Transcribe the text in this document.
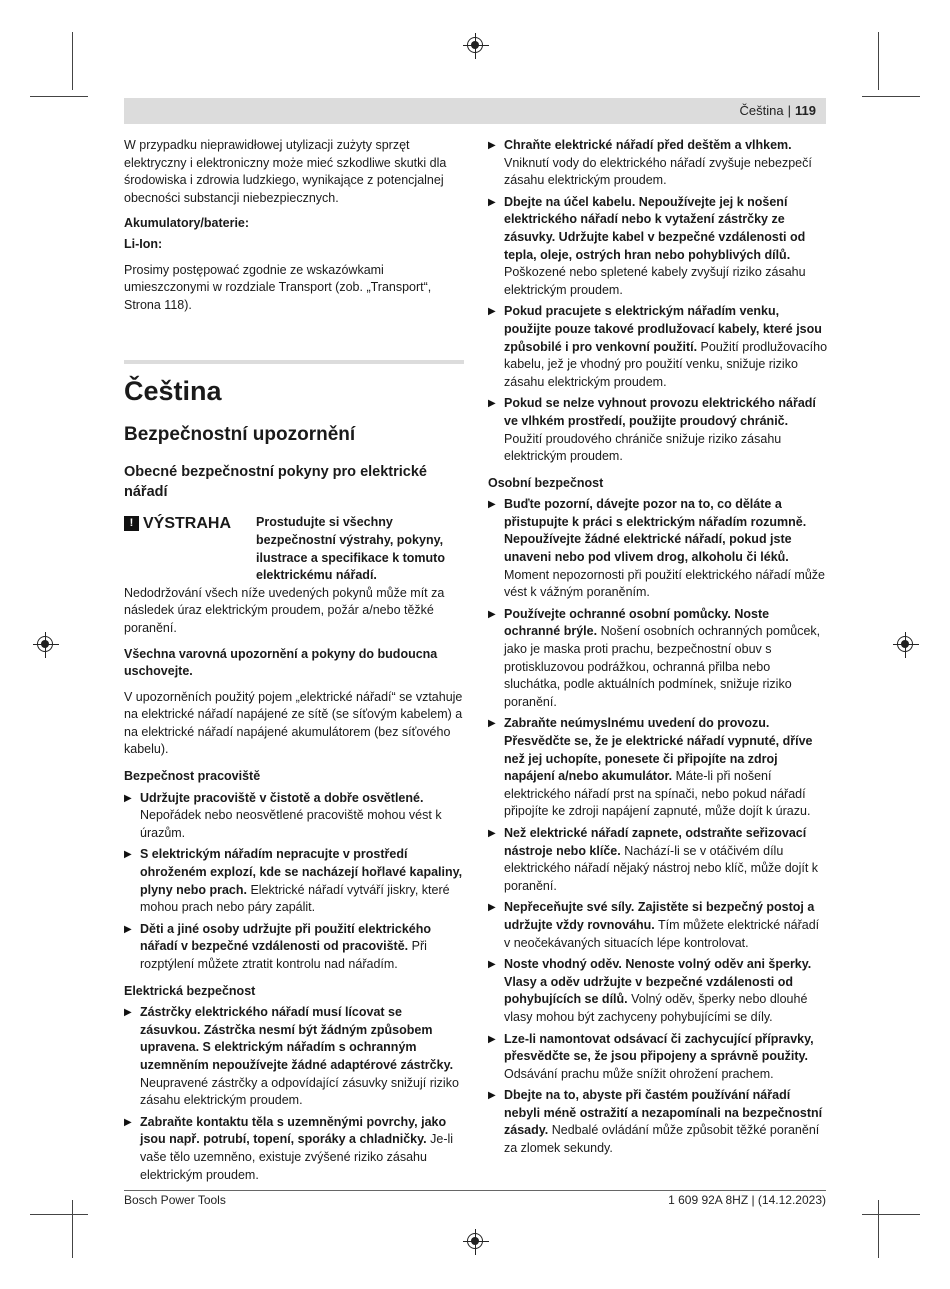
Čeština | 119

W przypadku nieprawidłowej utylizacji zużyty sprzęt elektryczny i elektroniczny może mieć szkodliwe skutki dla środowiska i zdrowia ludzkiego, wynikające z potencjalnej obecności substancji niebezpiecznych.

Akumulatory/baterie:

Li-Ion:

Prosimy postępować zgodnie ze wskazówkami umieszczonymi w rozdziale Transport (zob. „Transport“, Strona 118).

Čeština
Bezpečnostní upozornění
Obecné bezpečnostní pokyny pro elektrické nářadí
! VÝSTRAHA Prostudujte si všechny bezpečnostní výstrahy, pokyny, ilustrace a specifikace k tomuto elektrickému nářadí.

Nedodržování všech níže uvedených pokynů může mít za následek úraz elektrickým proudem, požár a/nebo těžké poranění.

Všechna varovná upozornění a pokyny do budoucna uschovejte.

V upozorněních použitý pojem „elektrické nářadí“ se vztahuje na elektrické nářadí napájené ze sítě (se síťovým kabelem) a na elektrické nářadí napájené akumulátorem (bez síťového kabelu).

Bezpečnost pracoviště

▶ Udržujte pracoviště v čistotě a dobře osvětlené. Nepořádek nebo neosvětlené pracoviště mohou vést k úrazům.
▶ S elektrickým nářadím nepracujte v prostředí ohroženém explozí, kde se nacházejí hořlavé kapaliny, plyny nebo prach. Elektrické nářadí vytváří jiskry, které mohou prach nebo páry zapálit.
▶ Děti a jiné osoby udržujte při použití elektrického nářadí v bezpečné vzdálenosti od pracoviště. Při rozptýlení můžete ztratit kontrolu nad nářadím.

Elektrická bezpečnost

▶ Zástrčky elektrického nářadí musí lícovat se zásuvkou. Zástrčka nesmí být žádným způsobem upravena. S elektrickým nářadím s ochranným uzemněním nepoužívejte žádné adaptérové zástrčky. Neupravené zástrčky a odpovídající zásuvky snižují riziko zásahu elektrickým proudem.
▶ Zabraňte kontaktu těla s uzemněnými povrchy, jako jsou např. potrubí, topení, sporáky a chladničky. Je-li vaše tělo uzemněno, existuje zvýšené riziko zásahu elektrickým proudem.
▶ Chraňte elektrické nářadí před deštěm a vlhkem. Vniknutí vody do elektrického nářadí zvyšuje nebezpečí zásahu elektrickým proudem.
▶ Dbejte na účel kabelu. Nepoužívejte jej k nošení elektrického nářadí nebo k vytažení zástrčky ze zásuvky. Udržujte kabel v bezpečné vzdálenosti od tepla, oleje, ostrých hran nebo pohyblivých dílů. Poškozené nebo spletené kabely zvyšují riziko zásahu elektrickým proudem.
▶ Pokud pracujete s elektrickým nářadím venku, použijte pouze takové prodlužovací kabely, které jsou způsobilé i pro venkovní použití. Použití prodlužovacího kabelu, jež je vhodný pro použití venku, snižuje riziko zásahu elektrickým proudem.
▶ Pokud se nelze vyhnout provozu elektrického nářadí ve vlhkém prostředí, použijte proudový chránič. Použití proudového chrániče snižuje riziko zásahu elektrickým proudem.

Osobní bezpečnost

▶ Buďte pozorní, dávejte pozor na to, co děláte a přistupujte k práci s elektrickým nářadím rozumně. Nepoužívejte žádné elektrické nářadí, pokud jste unaveni nebo pod vlivem drog, alkoholu či léků. Moment nepozornosti při použití elektrického nářadí může vést k vážným poraněním.
▶ Používejte ochranné osobní pomůcky. Noste ochranné brýle. Nošení osobních ochranných pomůcek, jako je maska proti prachu, bezpečnostní obuv s protiskluzovou podrážkou, ochranná přilba nebo sluchátka, podle aktuálních podmínek, snižuje riziko poranění.
▶ Zabraňte neúmyslnému uvedení do provozu. Přesvědčte se, že je elektrické nářadí vypnuté, dříve než jej uchopíte, ponesete či připojíte na zdroj napájení a/nebo akumulátor. Máte-li při nošení elektrického nářadí prst na spínači, nebo pokud nářadí připojíte ke zdroji napájení zapnuté, může dojít k úrazu.
▶ Než elektrické nářadí zapnete, odstraňte seřizovací nástroje nebo klíče. Nachází-li se v otáčivém dílu elektrického nářadí nějaký nástroj nebo klíč, může dojít k poranění.
▶ Nepřeceňujte své síly. Zajistěte si bezpečný postoj a udržujte vždy rovnováhu. Tím můžete elektrické nářadí v neočekávaných situacích lépe kontrolovat.
▶ Noste vhodný oděv. Nenoste volný oděv ani šperky. Vlasy a oděv udržujte v bezpečné vzdálenosti od pohybujících se dílů. Volný oděv, šperky nebo dlouhé vlasy mohou být zachyceny pohybujícími se díly.
▶ Lze-li namontovat odsávací či zachycující přípravky, přesvědčte se, že jsou připojeny a správně použity. Odsávání prachu může snížit ohrožení prachem.
▶ Dbejte na to, abyste při častém používání nářadí nebyli méně ostražití a nezapomínali na bezpečnostní zásady. Nedbalé ovládání může způsobit těžké poranění za zlomek sekundy.
Bosch Power Tools	1 609 92A 8HZ | (14.12.2023)
